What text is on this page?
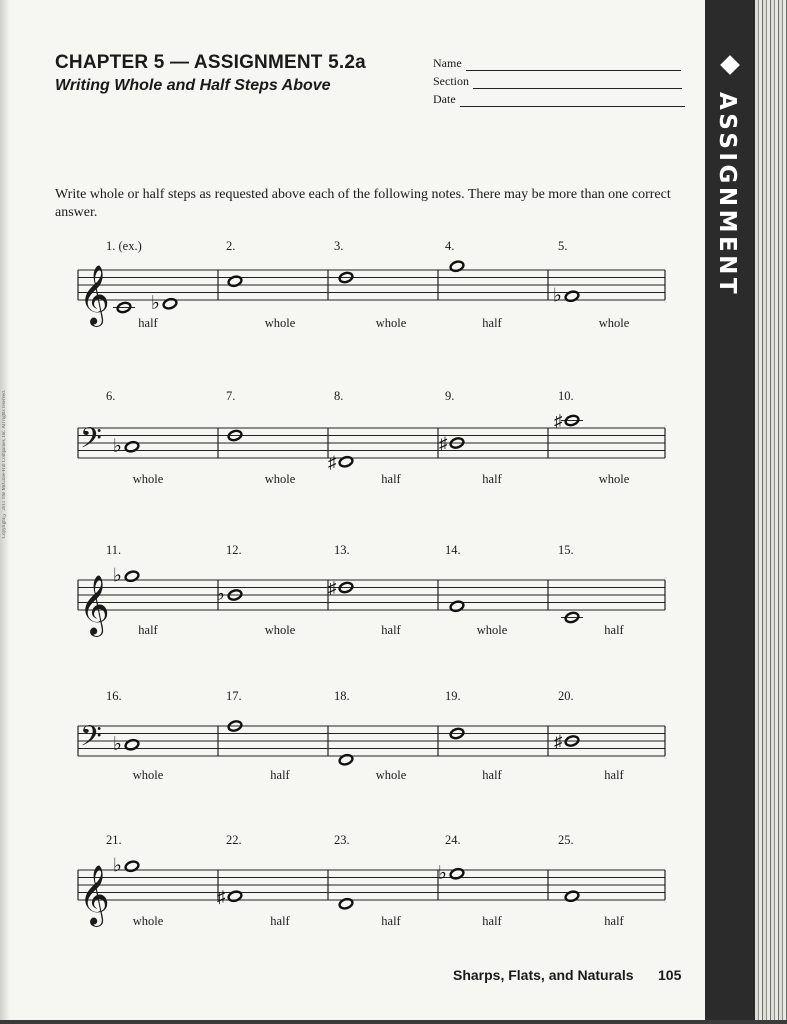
CHAPTER 5 — ASSIGNMENT 5.2a
Writing Whole and Half Steps Above
Name
Section
Date
Write whole or half steps as requested above each of the following notes. There may be more than one correct answer.
𝄞
1. (ex.)
half
♭
2.
whole
3.
whole
4.
half
5.
whole
♭
𝄢
6.
whole
♭
7.
whole
8.
half
♯
9.
half
♯
10.
whole
♯
𝄞
11.
half
♭
12.
whole
♭
13.
half
♯
14.
whole
15.
half
𝄢
16.
whole
♭
17.
half
18.
whole
19.
half
20.
half
♯
𝄞
21.
whole
♭
22.
half
♯
23.
half
24.
half
♭
25.
half
ASSIGNMENT
Copyright © 2011 The McGraw-Hill Companies, Inc. All rights reserved.
Sharps, Flats, and Naturals 105
